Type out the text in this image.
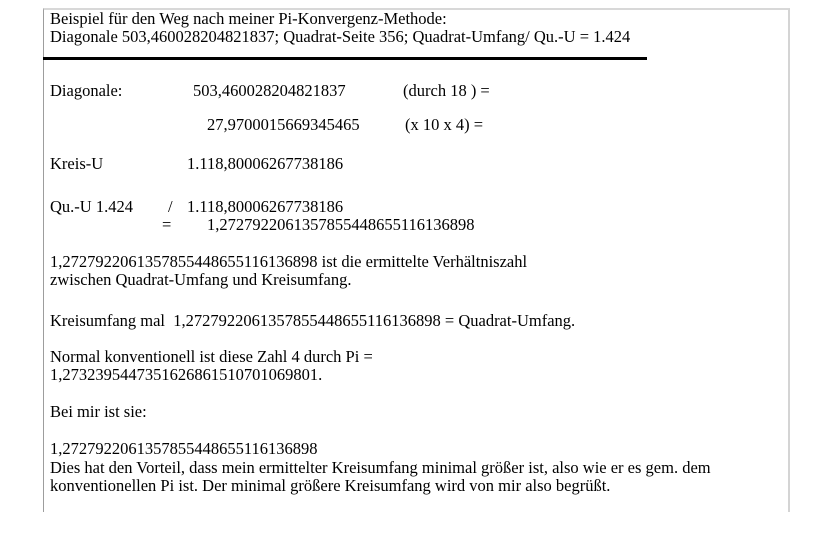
Beispiel für den Weg nach meiner Pi-Konvergenz-Methode:
Diagonale 503,460028204821837; Quadrat-Seite 356; Quadrat-Umfang/ Qu.-U = 1.424
Diagonale:	503,460028204821837	(durch 18 ) =
27,9700015669345465	(x 10 x 4) =
Kreis-U	1.118,80006267738186
Qu.-U 1.424 / 1.118,80006267738186
= 1,2727922061357855448655116136898
1,2727922061357855448655116136898 ist die ermittelte Verhältniszahl
zwischen Quadrat-Umfang und Kreisumfang.
Kreisumfang mal  1,2727922061357855448655116136898 = Quadrat-Umfang.
Normal konventionell ist diese Zahl 4 durch Pi =
1,2732395447351626861510701069801.
Bei mir ist sie:
1,2727922061357855448655116136898
Dies hat den Vorteil, dass mein ermittelter Kreisumfang minimal größer ist, also wie er es gem. dem
konventionellen Pi ist. Der minimal größere Kreisumfang wird von mir also begrüßt.
